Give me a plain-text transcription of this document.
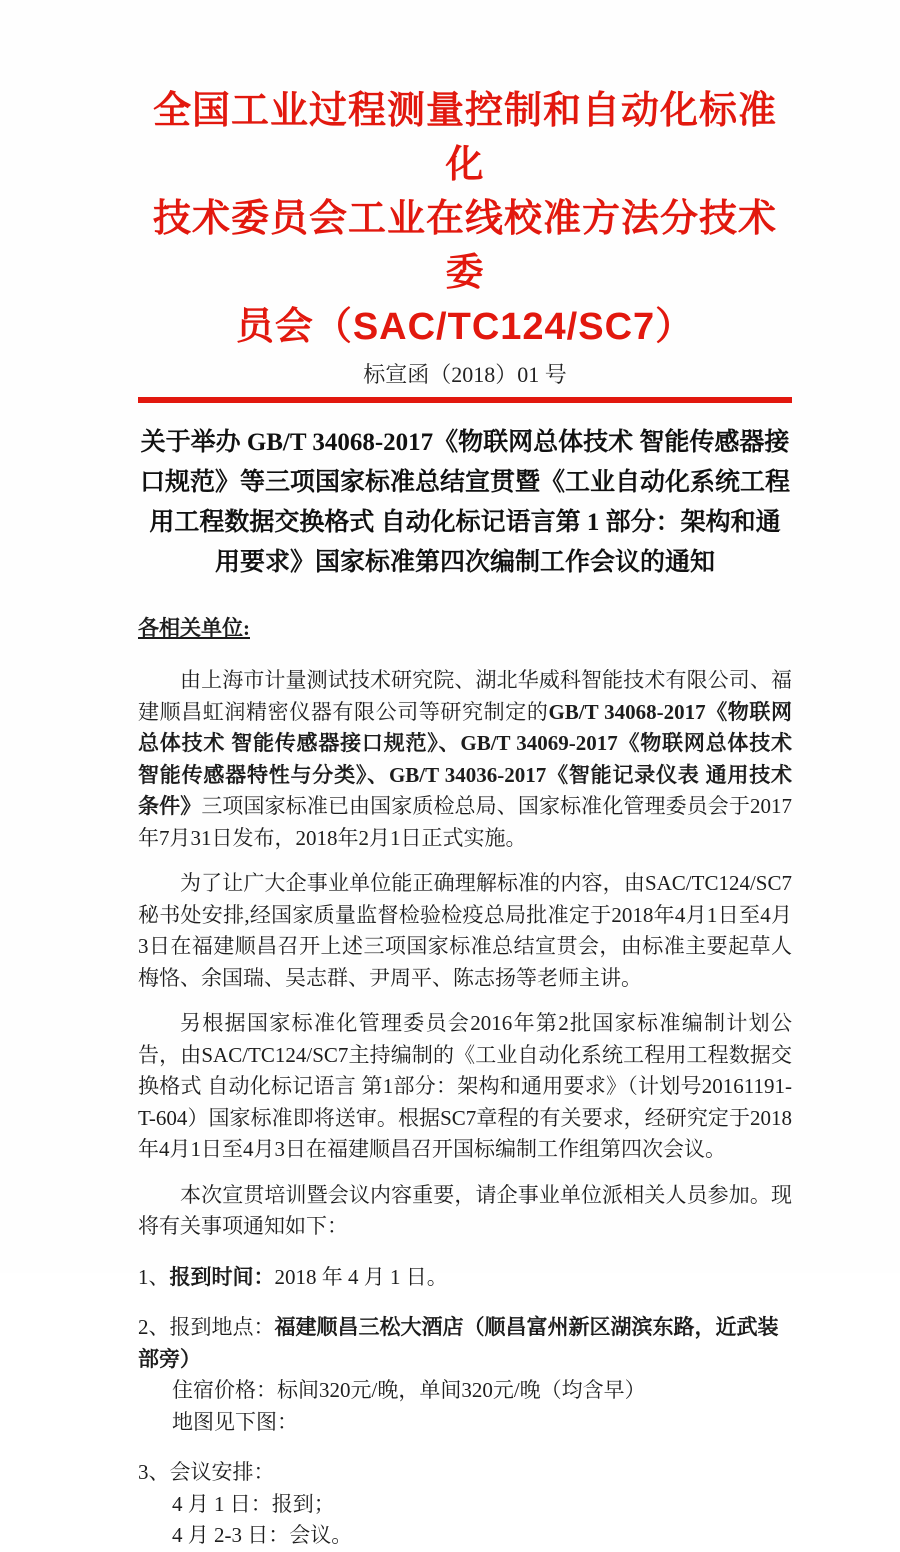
全国工业过程测量控制和自动化标准化
技术委员会工业在线校准方法分技术委
员会（SAC/TC124/SC7）
标宣函（2018）01 号
关于举办 GB/T 34068-2017《物联网总体技术 智能传感器接口规范》等三项国家标准总结宣贯暨《工业自动化系统工程用工程数据交换格式 自动化标记语言第 1 部分：架构和通用要求》国家标准第四次编制工作会议的通知
各相关单位:

由上海市计量测试技术研究院、湖北华威科智能技术有限公司、福建顺昌虹润精密仪器有限公司等研究制定的GB/T 34068-2017《物联网总体技术 智能传感器接口规范》、GB/T 34069-2017《物联网总体技术 智能传感器特性与分类》、GB/T 34036-2017《智能记录仪表 通用技术条件》三项国家标准已由国家质检总局、国家标准化管理委员会于2017年7月31日发布，2018年2月1日正式实施。

为了让广大企事业单位能正确理解标准的内容，由SAC/TC124/SC7秘书处安排,经国家质量监督检验检疫总局批准定于2018年4月1日至4月3日在福建顺昌召开上述三项国家标准总结宣贯会，由标准主要起草人梅恪、余国瑞、吴志群、尹周平、陈志扬等老师主讲。

另根据国家标准化管理委员会2016年第2批国家标准编制计划公告，由SAC/TC124/SC7主持编制的《工业自动化系统工程用工程数据交换格式 自动化标记语言 第1部分：架构和通用要求》（计划号20161191-T-604）国家标准即将送审。根据SC7章程的有关要求，经研究定于2018年4月1日至4月3日在福建顺昌召开国标编制工作组第四次会议。

本次宣贯培训暨会议内容重要，请企事业单位派相关人员参加。现将有关事项通知如下：

1、报到时间：2018 年 4 月 1 日。
2、报到地点：福建顺昌三松大酒店（顺昌富州新区湖滨东路，近武装部旁）
住宿价格：标间320元/晚，单间320元/晚（均含早）
地图见下图：
3、会议安排：
4 月 1 日：报到；
4 月 2-3 日：会议。
